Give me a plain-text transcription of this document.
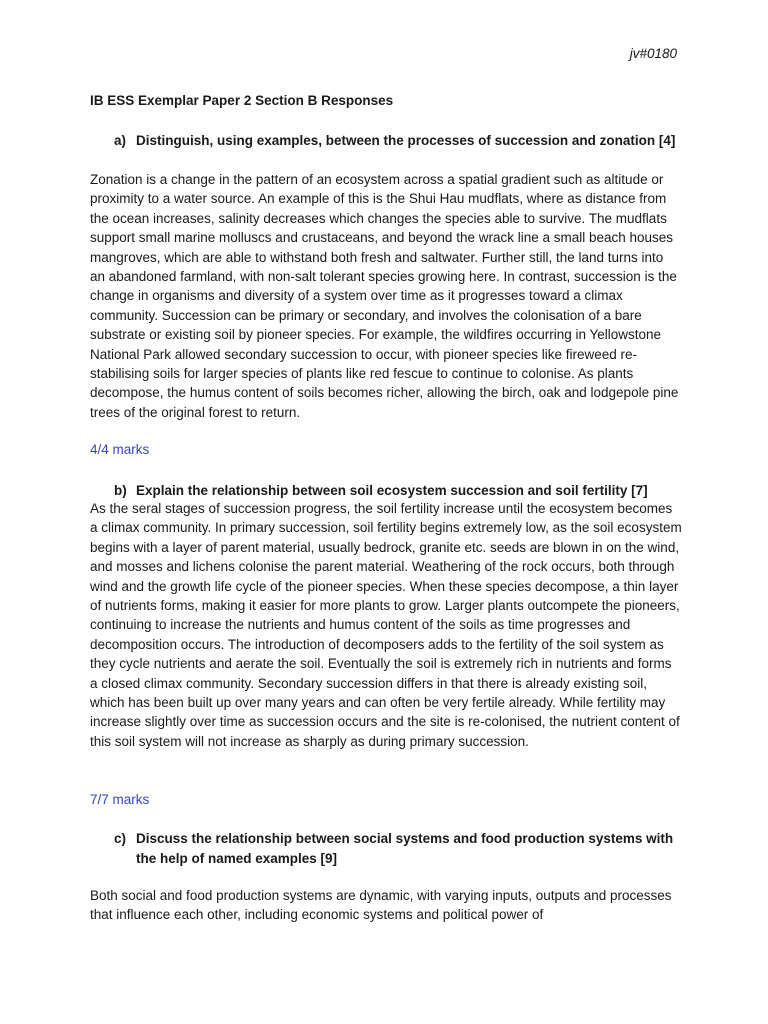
jv#0180
IB ESS Exemplar Paper 2 Section B Responses
a) Distinguish, using examples, between the processes of succession and zonation [4]

Zonation is a change in the pattern of an ecosystem across a spatial gradient such as altitude or proximity to a water source. An example of this is the Shui Hau mudflats, where as distance from the ocean increases, salinity decreases which changes the species able to survive. The mudflats support small marine molluscs and crustaceans, and beyond the wrack line a small beach houses mangroves, which are able to withstand both fresh and saltwater. Further still, the land turns into an abandoned farmland, with non-salt tolerant species growing here. In contrast, succession is the change in organisms and diversity of a system over time as it progresses toward a climax community. Succession can be primary or secondary, and involves the colonisation of a bare substrate or existing soil by pioneer species. For example, the wildfires occurring in Yellowstone National Park allowed secondary succession to occur, with pioneer species like fireweed re-stabilising soils for larger species of plants like red fescue to continue to colonise. As plants decompose, the humus content of soils becomes richer, allowing the birch, oak and lodgepole pine trees of the original forest to return.

4/4 marks
b) Explain the relationship between soil ecosystem succession and soil fertility [7]

As the seral stages of succession progress, the soil fertility increase until the ecosystem becomes a climax community. In primary succession, soil fertility begins extremely low, as the soil ecosystem begins with a layer of parent material, usually bedrock, granite etc. seeds are blown in on the wind, and mosses and lichens colonise the parent material. Weathering of the rock occurs, both through wind and the growth life cycle of the pioneer species. When these species decompose, a thin layer of nutrients forms, making it easier for more plants to grow. Larger plants outcompete the pioneers, continuing to increase the nutrients and humus content of the soils as time progresses and decomposition occurs. The introduction of decomposers adds to the fertility of the soil system as they cycle nutrients and aerate the soil. Eventually the soil is extremely rich in nutrients and forms a closed climax community. Secondary succession differs in that there is already existing soil, which has been built up over many years and can often be very fertile already. While fertility may increase slightly over time as succession occurs and the site is re-colonised, the nutrient content of this soil system will not increase as sharply as during primary succession.

7/7 marks
c) Discuss the relationship between social systems and food production systems with the help of named examples [9]

Both social and food production systems are dynamic, with varying inputs, outputs and processes that influence each other, including economic systems and political power of
